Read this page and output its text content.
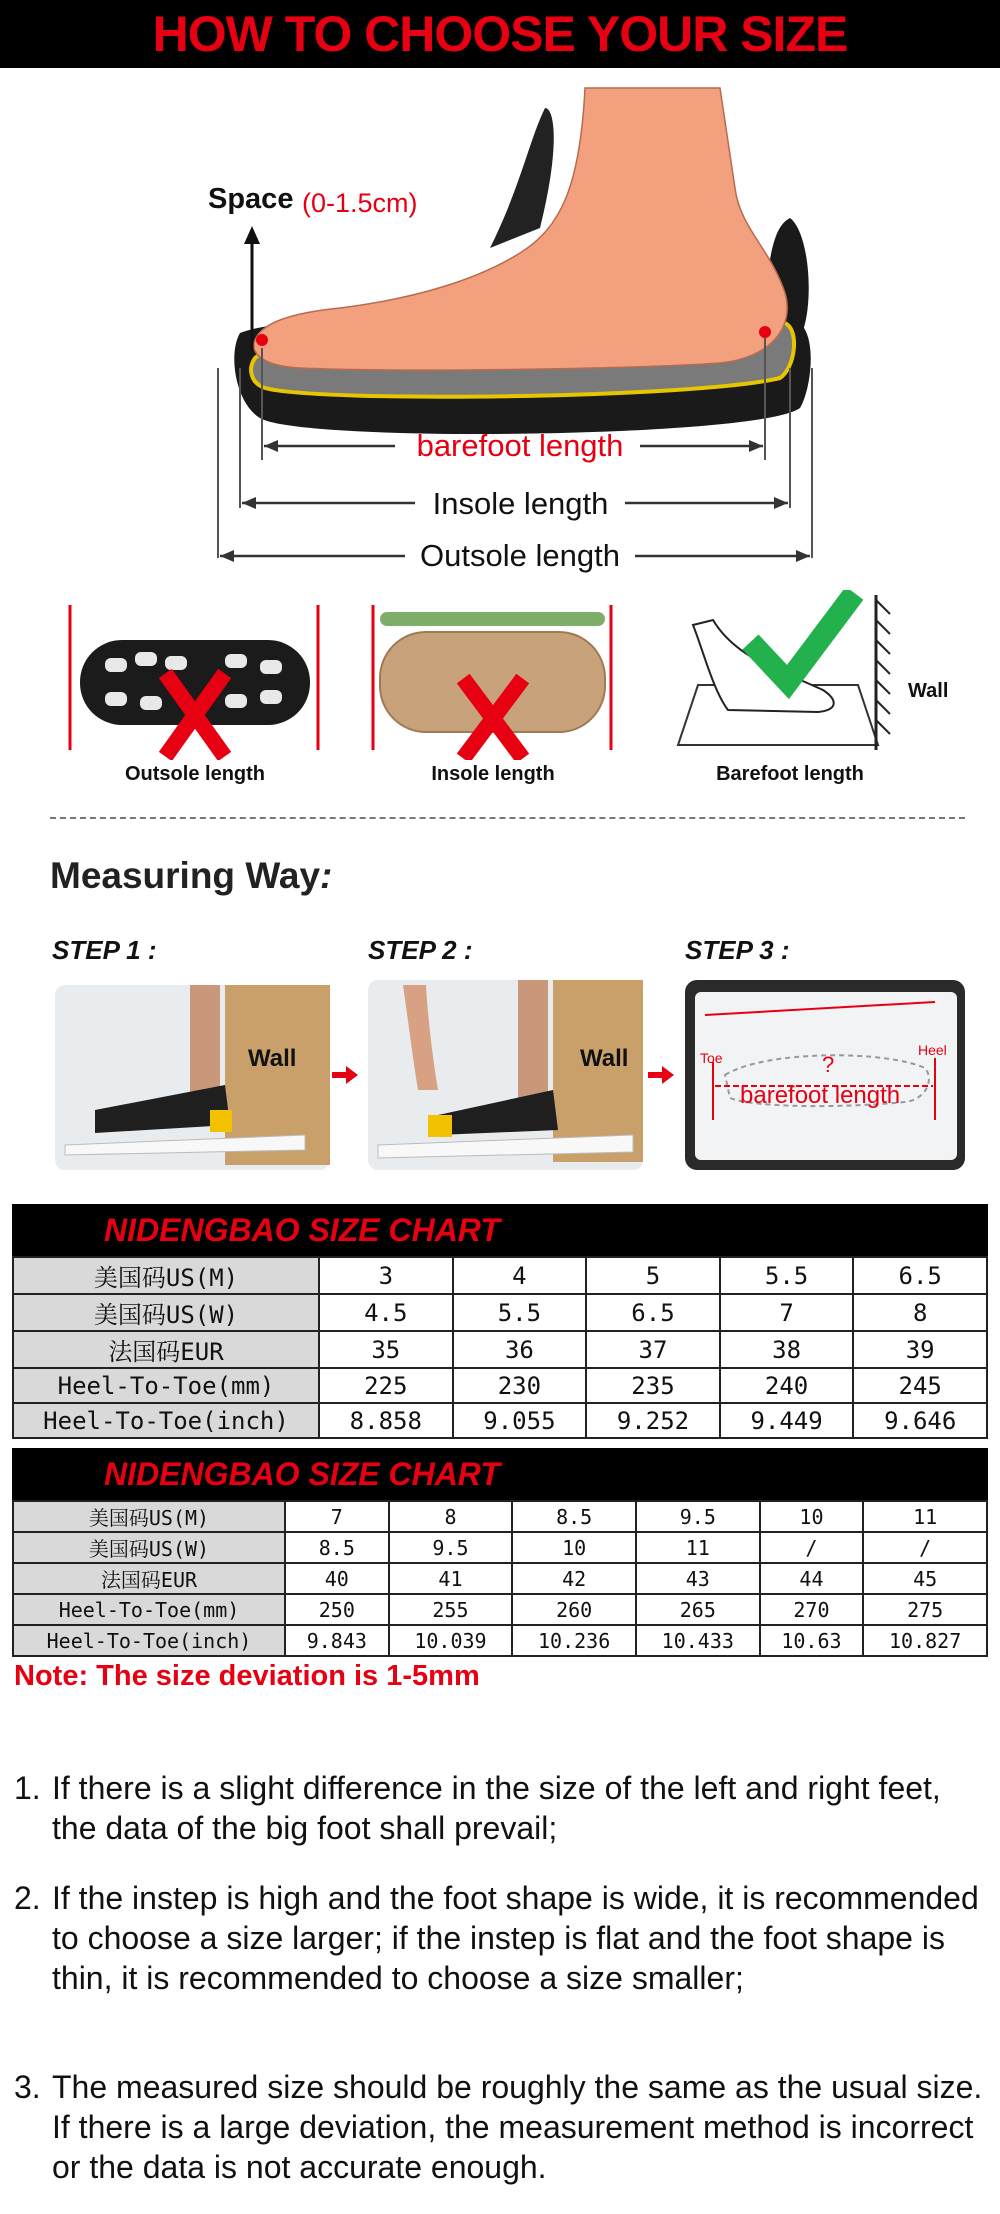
HOW TO CHOOSE YOUR SIZE
Space (0-1.5cm)
barefoot length
Insole length
Outsole length
Outsole length	Insole length
Wall
Barefoot length
Measuring Way:
STEP 1 :	STEP 2 :	STEP 3 :
Wall	Wall	Toe	Heel
?
barefoot length
NIDENGBAO SIZE CHART
美国码US(M)	3	4	5	5.5	6.5
美国码US(W)	4.5	5.5	6.5	7	8
法国码EUR	35	36	37	38	39
Heel-To-Toe(mm)	225	230	235	240	245
Heel-To-Toe(inch)	8.858	9.055	9.252	9.449	9.646
NIDENGBAO SIZE CHART
美国码US(M)	7	8	8.5	9.5	10	11
美国码US(W)	8.5	9.5	10	11	/	/
法国码EUR	40	41	42	43	44	45
Heel-To-Toe(mm)	250	255	260	265	270	275
Heel-To-Toe(inch)	9.843	10.039	10.236	10.433	10.63	10.827
Note: The size deviation is 1-5mm
1. If there is a slight difference in the size of the left and right feet, the data of the big foot shall prevail;
2. If the instep is high and the foot shape is wide, it is recommended to choose a size larger; if the instep is flat and the foot shape is thin, it is recommended to choose a size smaller;
3. The measured size should be roughly the same as the usual size. If there is a large deviation, the measurement method is incorrect or the data is not accurate enough.
